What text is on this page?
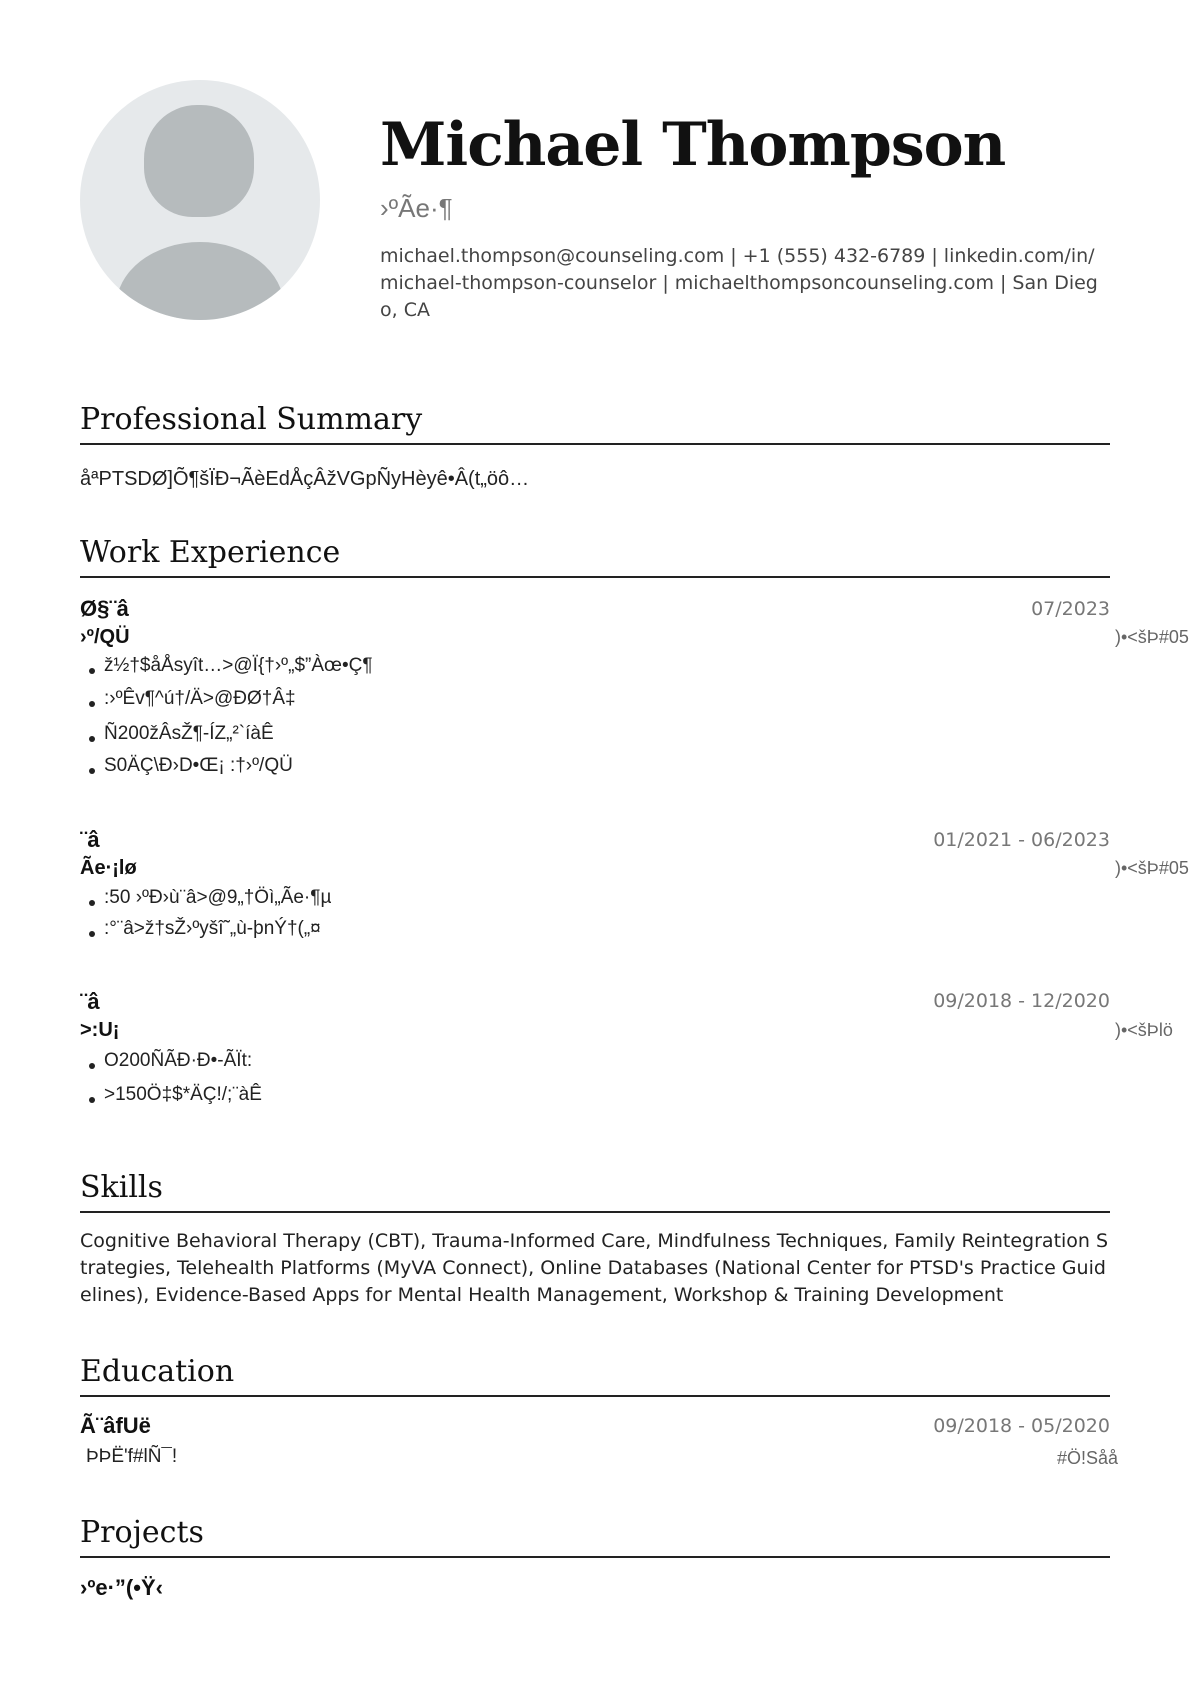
Michael Thompson
›ºÃe·¶
michael.thompson@counseling.com | +1 (555) 432-6789 | linkedin.com/in/michael-thompson-counselor | michaelthompsoncounseling.com | San Diego, CA
Professional Summary
åªPTSDØ]Õ¶šÏÐ¬ÃèEdÅçÂžVGpÑyHèyê•Â(t„öô…
Work Experience
Ø§¨â	07/2023
›º/QÜ	)•<šÞ#05
ž½†$åÅsyît…>@Ï{†›º„$”Àœ•Ç¶
:›ºÊv¶^ú†/Ä>@ÐØ†Â‡
Ñ200žÂsŽ¶-ÍZ„²`íàÊ
S0ÄÇ\Ð›D•Œ¡ :†›º/QÜ
¨â	01/2021 - 06/2023
Ãe·¡lø	)•<šÞ#05
:50 ›ºÐ›ù¨â>@9„†Öì„Ãe·¶µ
:°¨â>ž†sŽ›ºyšî˜„ù-þnÝ†(„¤
¨â	09/2018 - 12/2020
>:U¡	)•<šÞlö
O200ÑÃÐ·Ð•-ÃÏt:
>150Ö‡$*ÄÇ!/;¨àÊ
Skills
Cognitive Behavioral Therapy (CBT), Trauma-Informed Care, Mindfulness Techniques, Family Reintegration Strategies, Telehealth Platforms (MyVA Connect), Online Databases (National Center for PTSD's Practice Guidelines), Evidence-Based Apps for Mental Health Management, Workshop & Training Development
Education
Ã¨âfUë	09/2018 - 05/2020
ÞÞË'f#lÑ¯!	#Ö!Såå
Projects
›ºe·”(•Ÿ‹
